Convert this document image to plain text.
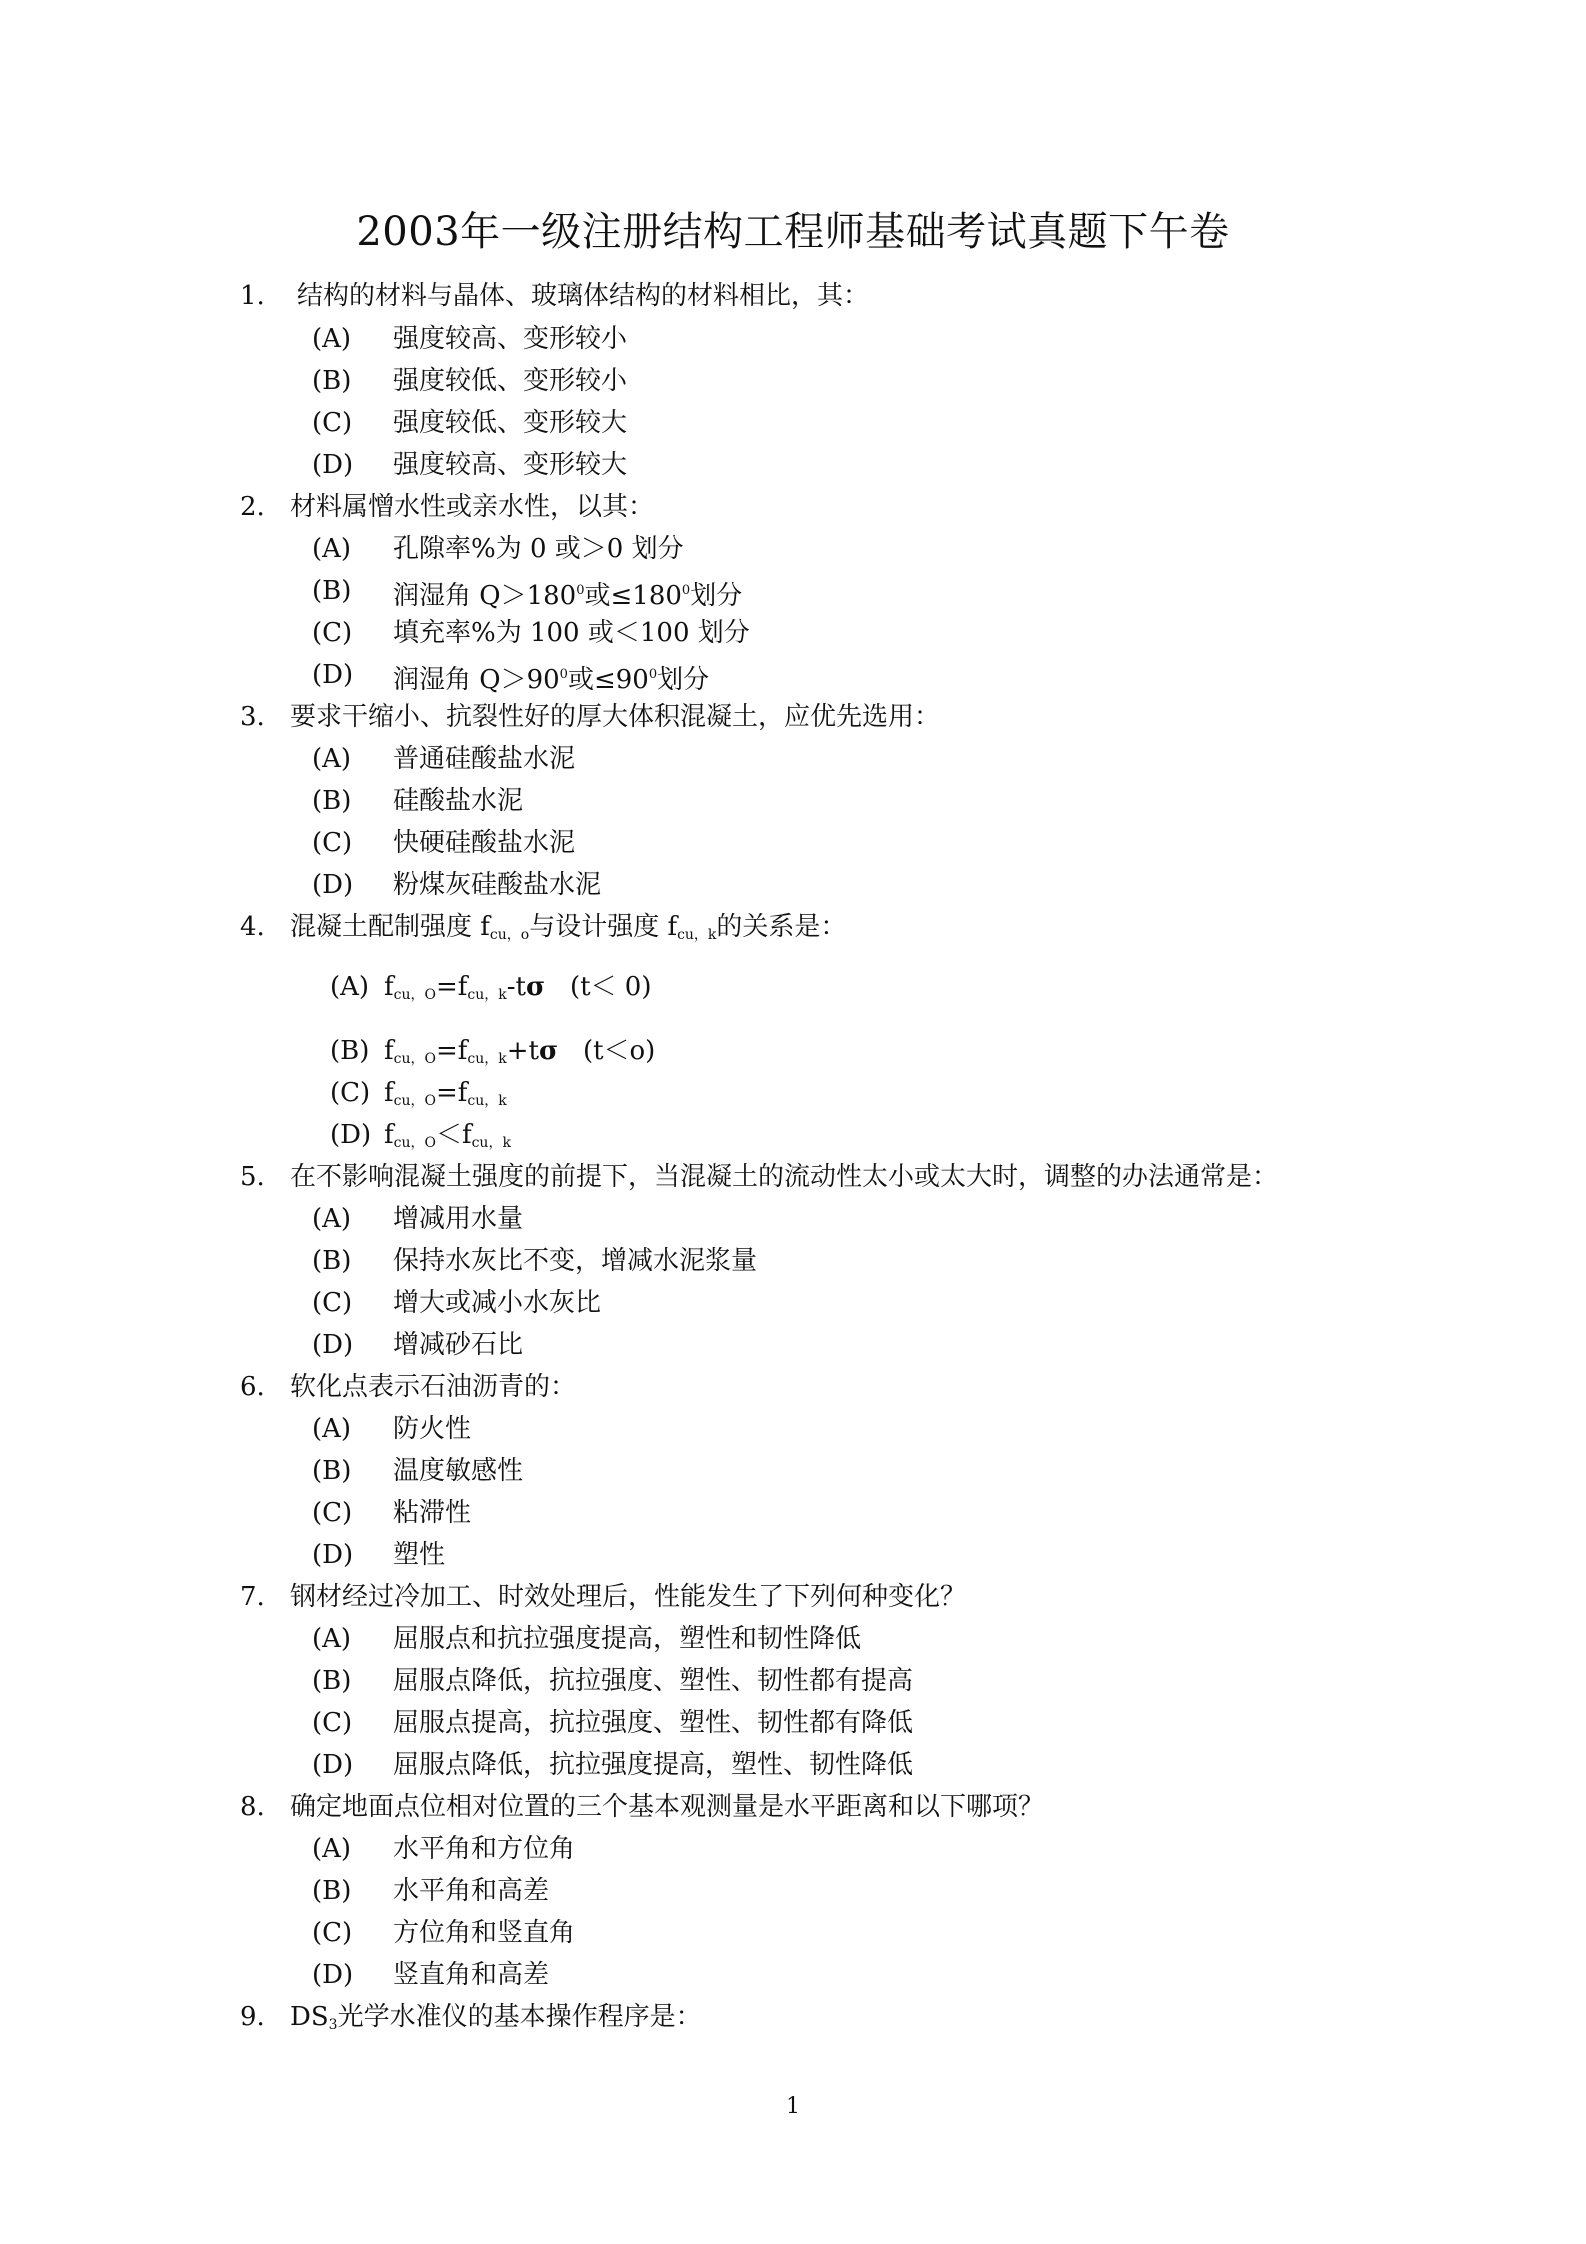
2003年一级注册结构工程师基础考试真题下午卷
1. 结构的材料与晶体、玻璃体结构的材料相比，其：
(A) 强度较高、变形较小
(B) 强度较低、变形较小
(C) 强度较低、变形较大
(D) 强度较高、变形较大
2. 材料属憎水性或亲水性，以其：
(A) 孔隙率%为 0 或＞0 划分
(B) 润湿角 $Q>180^0$或$\le 180^0$划分
(C) 填充率%为 100 或＜100 划分
(D) 润湿角 $Q>90^0$或$\le 90^0$划分
3. 要求干缩小、抗裂性好的厚大体积混凝土，应优先选用：
(A) 普通硅酸盐水泥
(B) 硅酸盐水泥
(C) 快硬硅酸盐水泥
(D) 粉煤灰硅酸盐水泥
4. 混凝土配制强度 $f_{cu,o}$与设计强度 $f_{cu,k}$的关系是：
(A) $f_{cu,O}=f_{cu,k}-t\sigma$ (t＜ 0)
(B) $f_{cu,O}=f_{cu,k}+t\sigma$ (t＜o)
(C) $f_{cu,O}=f_{cu,k}$
(D) $f_{cu,O}<f_{cu,k}$
5. 在不影响混凝土强度的前提下，当混凝土的流动性太小或太大时，调整的办法通常是：
(A) 增减用水量
(B) 保持水灰比不变，增减水泥浆量
(C) 增大或减小水灰比
(D) 增减砂石比
6. 软化点表示石油沥青的：
(A) 防火性
(B) 温度敏感性
(C) 粘滞性
(D) 塑性
7. 钢材经过冷加工、时效处理后，性能发生了下列何种变化？
(A) 屈服点和抗拉强度提高，塑性和韧性降低
(B) 屈服点降低，抗拉强度、塑性、韧性都有提高
(C) 屈服点提高，抗拉强度、塑性、韧性都有降低
(D) 屈服点降低，抗拉强度提高，塑性、韧性降低
8. 确定地面点位相对位置的三个基本观测量是水平距离和以下哪项？
(A) 水平角和方位角
(B) 水平角和高差
(C) 方位角和竖直角
(D) 竖直角和高差
9. $DS_3$光学水准仪的基本操作程序是：
1
